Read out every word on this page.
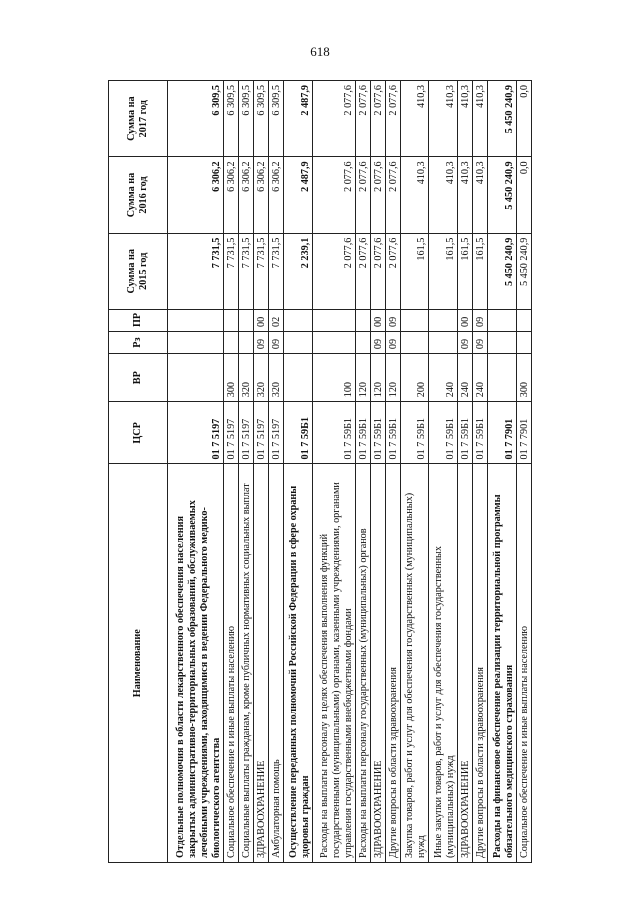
618
Наименование	ЦСР	ВР	Рз	ПР	Сумма на 2015 год	Сумма на 2016 год	Сумма на 2017 год
Отдельные полномочия в области лекарственного обеспечения населения закрытых административно-территориальных образований, обслуживаемых лечебными учреждениями, находящимися в ведении Федерального медико-биологического агентства	01 7 5197				7 731,5	6 306,2	6 309,5
Социальное обеспечение и иные выплаты населению	01 7 5197	300			7 731,5	6 306,2	6 309,5
Социальные выплаты гражданам, кроме публичных нормативных социальных выплат	01 7 5197	320			7 731,5	6 306,2	6 309,5
ЗДРАВООХРАНЕНИЕ	01 7 5197	320	09	00	7 731,5	6 306,2	6 309,5
Амбулаторная помощь	01 7 5197	320	09	02	7 731,5	6 306,2	6 309,5
Осуществление переданных полномочий Российской Федерации в сфере охраны здоровья граждан	01 7 59Б1				2 239,1	2 487,9	2 487,9
Расходы на выплаты персоналу в целях обеспечения выполнения функций государственными (муниципальными) органами, казенными учреждениями, органами управления государственными внебюджетными фондами	01 7 59Б1	100			2 077,6	2 077,6	2 077,6
Расходы на выплаты персоналу государственных (муниципальных) органов	01 7 59Б1	120			2 077,6	2 077,6	2 077,6
ЗДРАВООХРАНЕНИЕ	01 7 59Б1	120	09	00	2 077,6	2 077,6	2 077,6
Другие вопросы в области здравоохранения	01 7 59Б1	120	09	09	2 077,6	2 077,6	2 077,6
Закупка товаров, работ и услуг для обеспечения государственных (муниципальных) нужд	01 7 59Б1	200			161,5	410,3	410,3
Иные закупки товаров, работ и услуг для обеспечения государственных (муниципальных) нужд	01 7 59Б1	240			161,5	410,3	410,3
ЗДРАВООХРАНЕНИЕ	01 7 59Б1	240	09	00	161,5	410,3	410,3
Другие вопросы в области здравоохранения	01 7 59Б1	240	09	09	161,5	410,3	410,3
Расходы на финансовое обеспечение реализации территориальной программы обязательного медицинского страхования	01 7 7901				5 450 240,9	5 450 240,9	5 450 240,9
Социальное обеспечение и иные выплаты населению	01 7 7901	300			5 450 240,9	0,0	0,0
